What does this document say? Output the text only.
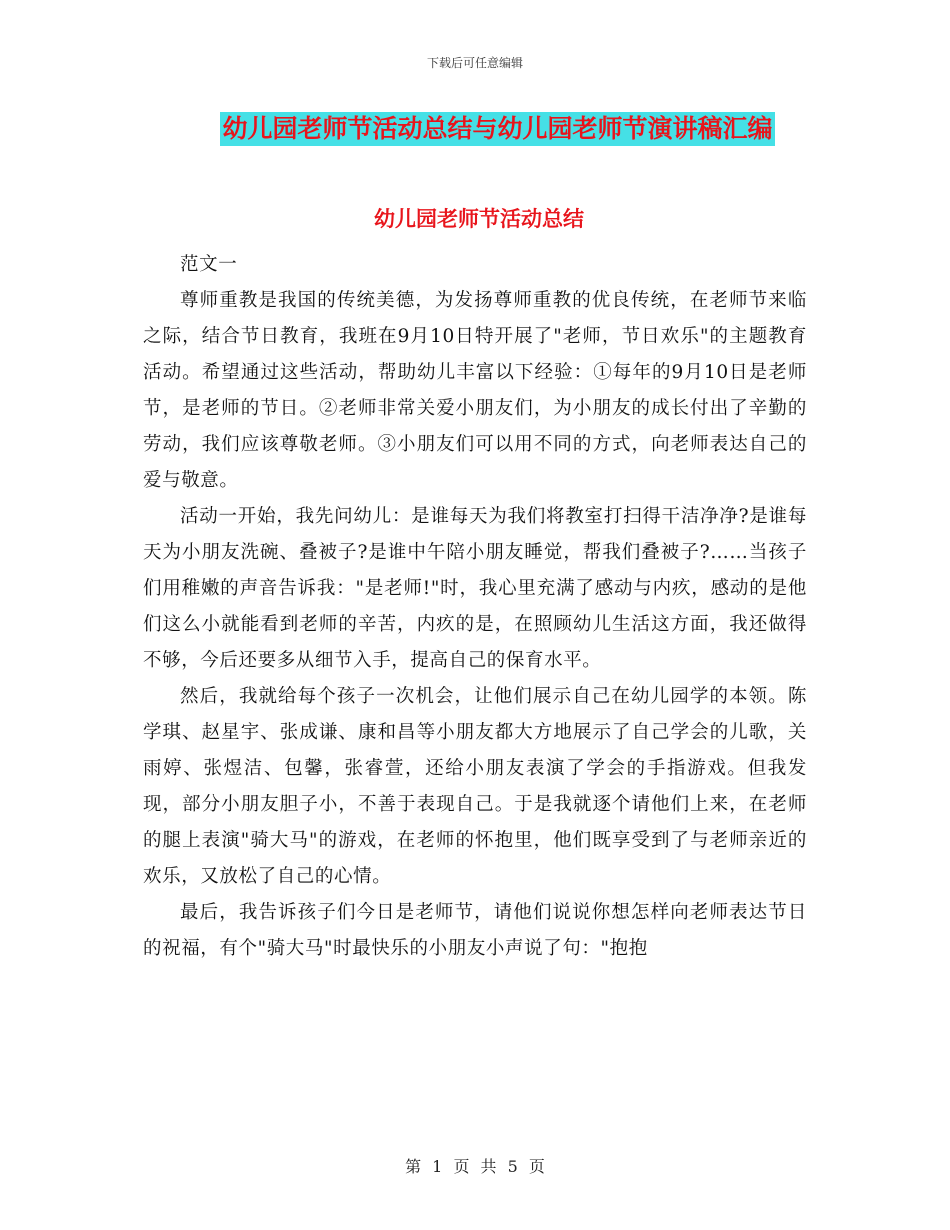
下载后可任意编辑
幼儿园老师节活动总结与幼儿园老师节演讲稿汇编
幼儿园老师节活动总结

范文一

尊师重教是我国的传统美德，为发扬尊师重教的优良传统，在老师节来临之际，结合节日教育，我班在9月10日特开展了"老师，节日欢乐"的主题教育活动。希望通过这些活动，帮助幼儿丰富以下经验：①每年的9月10日是老师节，是老师的节日。②老师非常关爱小朋友们，为小朋友的成长付出了辛勤的劳动，我们应该尊敬老师。③小朋友们可以用不同的方式，向老师表达自己的爱与敬意。

活动一开始，我先问幼儿：是谁每天为我们将教室打扫得干洁净净?是谁每天为小朋友洗碗、叠被子?是谁中午陪小朋友睡觉，帮我们叠被子?……当孩子们用稚嫩的声音告诉我："是老师!"时，我心里充满了感动与内疚，感动的是他们这么小就能看到老师的辛苦，内疚的是，在照顾幼儿生活这方面，我还做得不够，今后还要多从细节入手，提高自己的保育水平。

然后，我就给每个孩子一次机会，让他们展示自己在幼儿园学的本领。陈学琪、赵星宇、张成谦、康和昌等小朋友都大方地展示了自己学会的儿歌，关雨婷、张煜洁、包馨，张睿萱，还给小朋友表演了学会的手指游戏。但我发现，部分小朋友胆子小，不善于表现自己。于是我就逐个请他们上来，在老师的腿上表演"骑大马"的游戏，在老师的怀抱里，他们既享受到了与老师亲近的欢乐，又放松了自己的心情。

最后，我告诉孩子们今日是老师节，请他们说说你想怎样向老师表达节日的祝福，有个"骑大马"时最快乐的小朋友小声说了句："抱抱

第 1 页 共 5 页
